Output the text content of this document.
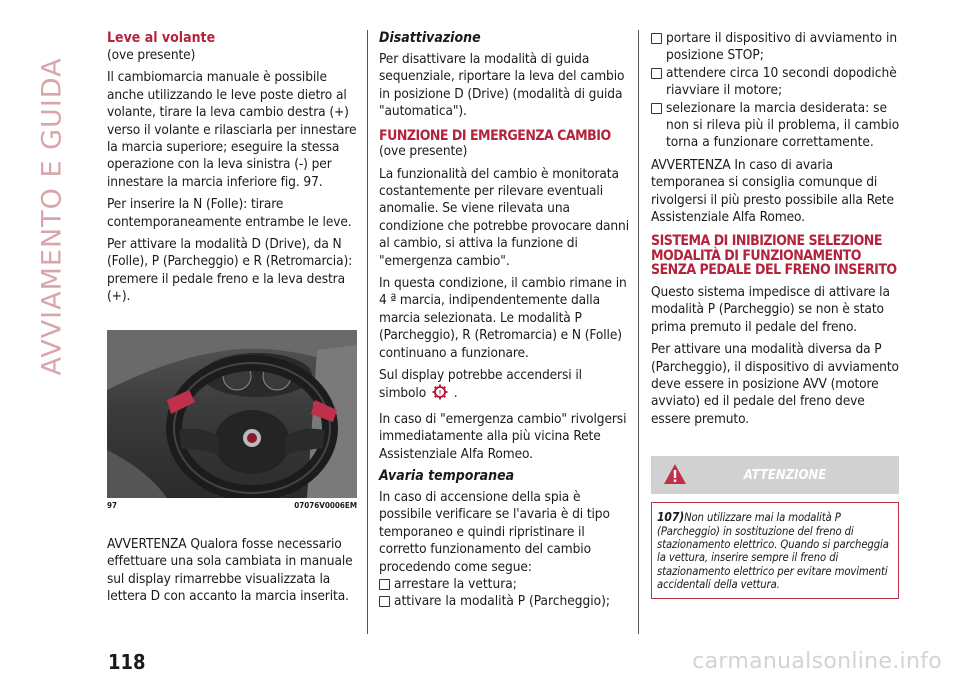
AVVIAMENTO E GUIDA
Leve al volante

(ove presente)

Il cambiomarcia manuale è possibile anche utilizzando le leve poste dietro al volante, tirare la leva cambio destra (+) verso il volante e rilasciarla per innestare la marcia superiore; eseguire la stessa operazione con la leva sinistra (-) per innestare la marcia inferiore fig. 97.

Per inserire la N (Folle): tirare contemporaneamente entrambe le leve.

Per attivare la modalità D (Drive), da N (Folle), P (Parcheggio) e R (Retromarcia): premere il pedale freno e la leva destra (+).

97	07076V0006EM

AVVERTENZA Qualora fosse necessario effettuare una sola cambiata in manuale sul display rimarrebbe visualizzata la lettera D con accanto la marcia inserita.

Disattivazione

Per disattivare la modalità di guida sequenziale, riportare la leva del cambio in posizione D (Drive) (modalità di guida "automatica").

FUNZIONE DI EMERGENZA CAMBIO

(ove presente)

La funzionalità del cambio è monitorata costantemente per rilevare eventuali anomalie. Se viene rilevata una condizione che potrebbe provocare danni al cambio, si attiva la funzione di "emergenza cambio".

In questa condizione, il cambio rimane in 4 ª marcia, indipendentemente dalla marcia selezionata. Le modalità P (Parcheggio), R (Retromarcia) e N (Folle) continuano a funzionare.

Sul display potrebbe accendersi il simbolo ! .

In caso di "emergenza cambio" rivolgersi immediatamente alla più vicina Rete Assistenziale Alfa Romeo.

Avaria temporanea

In caso di accensione della spia è possibile verificare se l'avaria è di tipo temporaneo e quindi ripristinare il corretto funzionamento del cambio procedendo come segue:

arrestare la vettura;
attivare la modalità P (Parcheggio);
portare il dispositivo di avviamento in posizione STOP;
attendere circa 10 secondi dopodichè riavviare il motore;
selezionare la marcia desiderata: se non si rileva più il problema, il cambio torna a funzionare correttamente.

AVVERTENZA In caso di avaria temporanea si consiglia comunque di rivolgersi il più presto possibile alla Rete Assistenziale Alfa Romeo.

SISTEMA DI INIBIZIONE SELEZIONE MODALITÀ DI FUNZIONAMENTO SENZA PEDALE DEL FRENO INSERITO

Questo sistema impedisce di attivare la modalità P (Parcheggio) se non è stato prima premuto il pedale del freno.

Per attivare una modalità diversa da P (Parcheggio), il dispositivo di avviamento deve essere in posizione AVV (motore avviato) ed il pedale del freno deve essere premuto.

ATTENZIONE

107)Non utilizzare mai la modalità P (Parcheggio) in sostituzione del freno di stazionamento elettrico. Quando si parcheggia la vettura, inserire sempre il freno di stazionamento elettrico per evitare movimenti accidentali della vettura.

118	carmanualsonline.info
